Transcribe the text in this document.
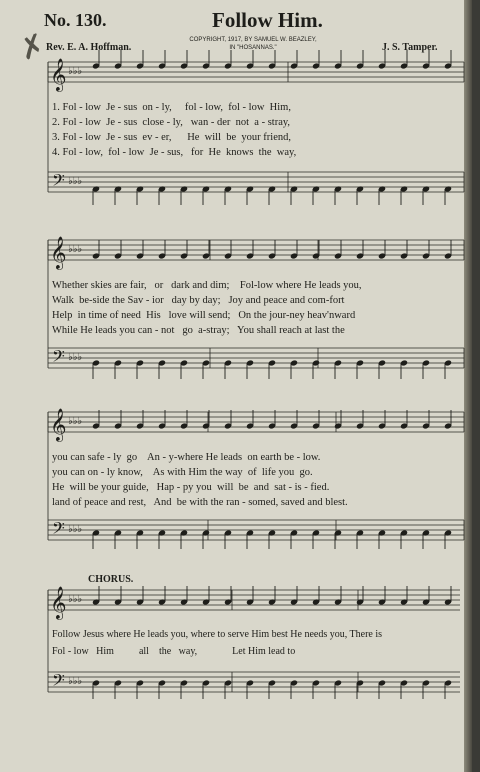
✗
No. 130.	Follow Him.
COPYRIGHT, 1917, BY SAMUEL W. BEAZLEY,
IN "HOSANNAS."
Rev. E. A. Hoffman.	J. S. Tamper.
𝄞
𝄢
𝄞
𝄢
𝄞
𝄢
𝄞
𝄢
♭♭♭
♭♭♭
♭♭♭
♭♭♭
♭♭♭
♭♭♭
♭♭♭
♭♭♭
1. Fol - low  Je - sus  on - ly,     fol - low,  fol - low  Him,
2. Fol - low  Je - sus  close - ly,   wan - der  not  a - stray,
3. Fol - low  Je - sus  ev - er,      He  will  be  your friend,
4. Fol - low,  fol - low  Je - sus,   for  He  knows  the  way,
Whether skies are fair,   or   dark and dim;    Fol-low where He leads you,
Walk  be-side the Sav - ior   day by day;   Joy and peace and com-fort
Help  in time of need  His   love will send;   On the jour-ney heav'nward
While He leads you can - not   go  a-stray;   You shall reach at last the
you can safe - ly  go    An - y-where He leads  on earth be - low.
you can on - ly know,    As with Him the way  of  life you  go.
He  will be your guide,   Hap - py you  will  be  and  sat - is - fied.
land of peace and rest,   And  be with the ran - somed, saved and blest.
CHORUS.
Follow Jesus where He leads you, where to serve Him best He needs you, There is
Fol - low   Him          all    the   way,              Let Him lead to
